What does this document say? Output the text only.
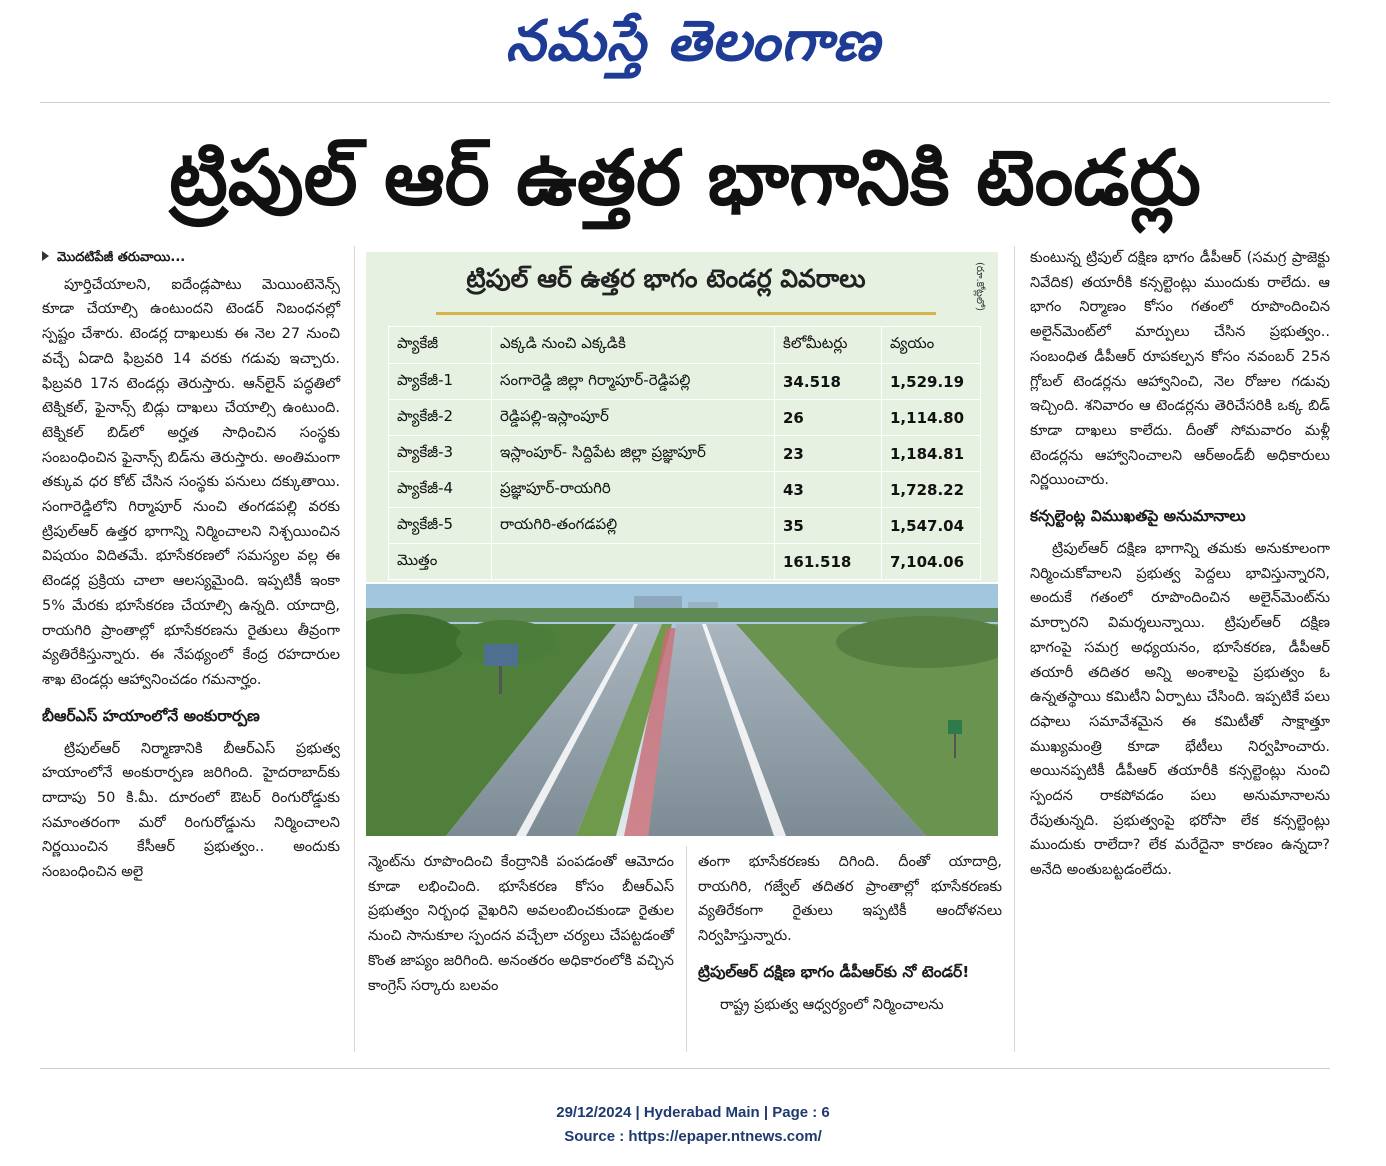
నమస్తే తెలంగాణ
ట్రిపుల్ ఆర్ ఉత్తర భాగానికి టెండర్లు
మొదటిపేజీ తరువాయి...

పూర్తిచేయాలని, ఐదేండ్లపాటు మెయింటెనెన్స్ కూడా చేయాల్సి ఉంటుందని టెండర్ నిబంధనల్లో స్పష్టం చేశారు. టెండర్ల దాఖలుకు ఈ నెల 27 నుంచి వచ్చే ఏడాది ఫిబ్రవరి 14 వరకు గడువు ఇచ్చారు. ఫిబ్రవరి 17న టెండర్లు తెరుస్తారు. ఆన్‌లైన్ పద్ధతిలో టెక్నికల్, ఫైనాన్స్ బిడ్లు దాఖలు చేయాల్సి ఉంటుంది. టెక్నికల్ బిడ్‌లో అర్హత సాధించిన సంస్థకు సంబంధించిన ఫైనాన్స్ బిడ్‌ను తెరుస్తారు. అంతిమంగా తక్కువ ధర కోట్ చేసిన సంస్థకు పనులు దక్కుతాయి. సంగారెడ్డిలోని గిర్మాపూర్ నుంచి తంగడపల్లి వరకు ట్రిపుల్‌ఆర్ ఉత్తర భాగాన్ని నిర్మించాలని నిశ్చయించిన విషయం విదితమే. భూసేకరణలో సమస్యల వల్ల ఈ టెండర్ల ప్రక్రియ చాలా ఆలస్యమైంది. ఇప్పటికీ ఇంకా 5% మేరకు భూసేకరణ చేయాల్సి ఉన్నది. యాదాద్రి, రాయగిరి ప్రాంతాల్లో భూసేకరణను రైతులు తీవ్రంగా వ్యతిరేకిస్తున్నారు. ఈ నేపథ్యంలో కేంద్ర రహదారుల శాఖ టెండర్లు ఆహ్వానించడం గమనార్హం.

బీఆర్‌ఎస్ హయాంలోనే అంకురార్పణ

ట్రిపుల్‌ఆర్ నిర్మాణానికి బీఆర్‌ఎస్ ప్రభుత్వ హయాంలోనే అంకురార్పణ జరిగింది. హైదరాబాద్‌కు దాదాపు 50 కి.మీ. దూరంలో ఔటర్ రింగురోడ్డుకు సమాంతరంగా మరో రింగురోడ్డును నిర్మించాలని నిర్ణయించిన కేసీఆర్ ప్రభుత్వం.. అందుకు సంబంధించిన అలై

ట్రిపుల్ ఆర్ ఉత్తర భాగం టెండర్ల వివరాలు	(రూ.కోట్లలో)
ప్యాకేజీ	ఎక్కడి నుంచి ఎక్కడికి	కిలోమీటర్లు	వ్యయం
ప్యాకేజీ-1	సంగారెడ్డి జిల్లా గిర్మాపూర్-రెడ్డిపల్లి	34.518	1,529.19
ప్యాకేజీ-2	రెడ్డిపల్లి-ఇస్లాంపూర్	26	1,114.80
ప్యాకేజీ-3	ఇస్లాంపూర్- సిద్దిపేట జిల్లా ప్రజ్ఞాపూర్	23	1,184.81
ప్యాకేజీ-4	ప్రజ్ఞాపూర్-రాయగిరి	43	1,728.22
ప్యాకేజీ-5	రాయగిరి-తంగడపల్లి	35	1,547.04
మొత్తం		161.518	7,104.06

న్మెంట్‌ను రూపొందించి కేంద్రానికి పంపడంతో ఆమోదం కూడా లభించింది. భూసేకరణ కోసం బీఆర్‌ఎస్ ప్రభుత్వం నిర్బంధ వైఖరిని అవలంబించకుండా రైతుల నుంచి సానుకూల స్పందన వచ్చేలా చర్యలు చేపట్టడంతో కొంత జాప్యం జరిగింది. అనంతరం అధికారంలోకి వచ్చిన కాంగ్రెస్ సర్కారు బలవం

తంగా భూసేకరణకు దిగింది. దీంతో యాదాద్రి, రాయగిరి, గజ్వేల్ తదితర ప్రాంతాల్లో భూసేకరణకు వ్యతిరేకంగా రైతులు ఇప్పటికీ ఆందోళనలు నిర్వహిస్తున్నారు.

ట్రిపుల్‌ఆర్ దక్షిణ భాగం డీపీఆర్‌కు నో టెండర్!

రాష్ట్ర ప్రభుత్వ ఆధ్వర్యంలో నిర్మించాలను

కుంటున్న ట్రిపుల్ దక్షిణ భాగం డీపీఆర్ (సమగ్ర ప్రాజెక్టు నివేదిక) తయారీకి కన్సల్టెంట్లు ముందుకు రాలేదు. ఆ భాగం నిర్మాణం కోసం గతంలో రూపొందించిన అలైన్‌మెంట్‌లో మార్పులు చేసిన ప్రభుత్వం.. సంబంధిత డీపీఆర్ రూపకల్పన కోసం నవంబర్ 25న గ్లోబల్ టెండర్లను ఆహ్వానించి, నెల రోజుల గడువు ఇచ్చింది. శనివారం ఆ టెండర్లను తెరిచేసరికి ఒక్క బిడ్ కూడా దాఖలు కాలేదు. దీంతో సోమవారం మళ్లీ టెండర్లను ఆహ్వానించాలని ఆర్‌అండ్‌బీ అధికారులు నిర్ణయించారు.

కన్సల్టెంట్ల విముఖతపై అనుమానాలు

ట్రిపుల్‌ఆర్ దక్షిణ భాగాన్ని తమకు అనుకూలంగా నిర్మించుకోవాలని ప్రభుత్వ పెద్దలు భావిస్తున్నారని, అందుకే గతంలో రూపొందించిన అలైన్‌మెంట్‌ను మార్చారని విమర్శలున్నాయి. ట్రిపుల్‌ఆర్ దక్షిణ భాగంపై సమగ్ర అధ్యయనం, భూసేకరణ, డీపీఆర్ తయారీ తదితర అన్ని అంశాలపై ప్రభుత్వం ఓ ఉన్నతస్థాయి కమిటీని ఏర్పాటు చేసింది. ఇప్పటికే పలు దఫాలు సమావేశమైన ఈ కమిటీతో సాక్షాత్తూ ముఖ్యమంత్రి కూడా భేటీలు నిర్వహించారు. అయినప్పటికీ డీపీఆర్ తయారీకి కన్సల్టెంట్లు నుంచి స్పందన రాకపోవడం పలు అనుమానాలను రేపుతున్నది. ప్రభుత్వంపై భరోసా లేక కన్సల్టెంట్లు ముందుకు రాలేదా? లేక మరేదైనా కారణం ఉన్నదా? అనేది అంతుబట్టడంలేదు.

29/12/2024 | Hyderabad Main | Page : 6
Source : https://epaper.ntnews.com/
